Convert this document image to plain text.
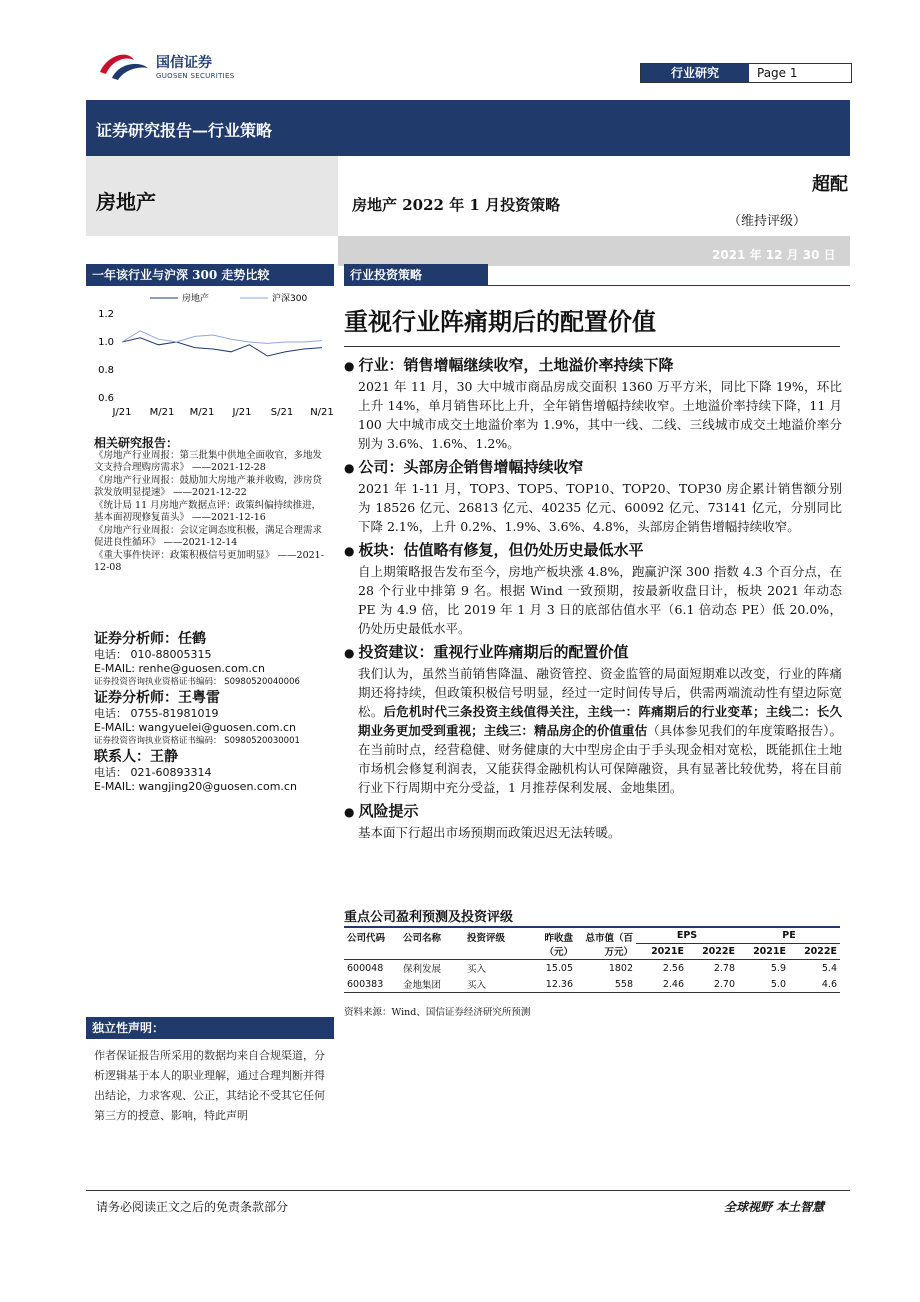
国信证券
GUOSEN SECURITIES	行业研究	Page 1
证券研究报告—行业策略
房地产	房地产 2022 年 1 月投资策略
超配
（维持评级）
2021 年 12 月 30 日
一年该行业与沪深 300 走势比较
房地产	沪深300
1.2
1.0
0.8
0.6
J/21 M/21 M/21 J/21 S/21 N/21
相关研究报告：
《房地产行业周报：第三批集中供地全面收官，多地发文支持合理购房需求》 ——2021-12-28
《房地产行业周报：鼓励加大房地产兼并收购，涉房贷款发放明显提速》 ——2021-12-22
《统计局 11 月房地产数据点评：政策纠偏持续推进，基本面初现修复苗头》 ——2021-12-16
《房地产行业周报：会议定调态度积极，满足合理需求促进良性循环》 ——2021-12-14
《重大事件快评：政策积极信号更加明显》 ——2021-12-08
证券分析师：任鹤
电话： 010-88005315
E-MAIL: renhe@guosen.com.cn
证券投资咨询执业资格证书编码： S0980520040006
证券分析师：王粤雷
电话： 0755-81981019
E-MAIL: wangyuelei@guosen.com.cn
证券投资咨询执业资格证书编码： S0980520030001
联系人：王静
电话： 021-60893314
E-MAIL: wangjing20@guosen.com.cn
独立性声明：
作者保证报告所采用的数据均来自合规渠道，分析逻辑基于本人的职业理解，通过合理判断并得出结论，力求客观、公正，其结论不受其它任何第三方的授意、影响，特此声明
行业投资策略
重视行业阵痛期后的配置价值
● 行业：销售增幅继续收窄，土地溢价率持续下降
2021 年 11 月，30 大中城市商品房成交面积 1360 万平方米，同比下降 19%，环比上升 14%，单月销售环比上升，全年销售增幅持续收窄。土地溢价率持续下降，11 月 100 大中城市成交土地溢价率为 1.9%，其中一线、二线、三线城市成交土地溢价率分别为 3.6%、1.6%、1.2%。
● 公司：头部房企销售增幅持续收窄
2021 年 1-11 月，TOP3、TOP5、TOP10、TOP20、TOP30 房企累计销售额分别为 18526 亿元、26813 亿元、40235 亿元、60092 亿元、73141 亿元，分别同比下降 2.1%，上升 0.2%、1.9%、3.6%、4.8%，头部房企销售增幅持续收窄。
● 板块：估值略有修复，但仍处历史最低水平
自上期策略报告发布至今，房地产板块涨 4.8%，跑赢沪深 300 指数 4.3 个百分点，在 28 个行业中排第 9 名。根据 Wind 一致预期，按最新收盘日计，板块 2021 年动态 PE 为 4.9 倍，比 2019 年 1 月 3 日的底部估值水平（6.1 倍动态 PE）低 20.0%，仍处历史最低水平。
● 投资建议：重视行业阵痛期后的配置价值
我们认为，虽然当前销售降温、融资管控、资金监管的局面短期难以改变，行业的阵痛期还将持续，但政策积极信号明显，经过一定时间传导后，供需两端流动性有望边际宽松。后危机时代三条投资主线值得关注，主线一：阵痛期后的行业变革；主线二：长久期业务更加受到重视；主线三：精品房企的价值重估（具体参见我们的年度策略报告）。在当前时点，经营稳健、财务健康的大中型房企由于手头现金相对宽松，既能抓住土地市场机会修复利润表，又能获得金融机构认可保障融资，具有显著比较优势，将在目前行业下行周期中充分受益，1 月推荐保利发展、金地集团。
● 风险提示
基本面下行超出市场预期而政策迟迟无法转暖。
重点公司盈利预测及投资评级
公司代码	公司名称	投资评级	昨收盘（元）	总市值（百万元）	EPS		PE	
					2021E	2022E	2021E	2022E
600048	保利发展	买入	15.05	1802	2.56	2.78	5.9	5.4
600383	金地集团	买入	12.36	558	2.46	2.70	5.0	4.6
资料来源：Wind、国信证券经济研究所预测
请务必阅读正文之后的免责条款部分	全球视野 本土智慧
